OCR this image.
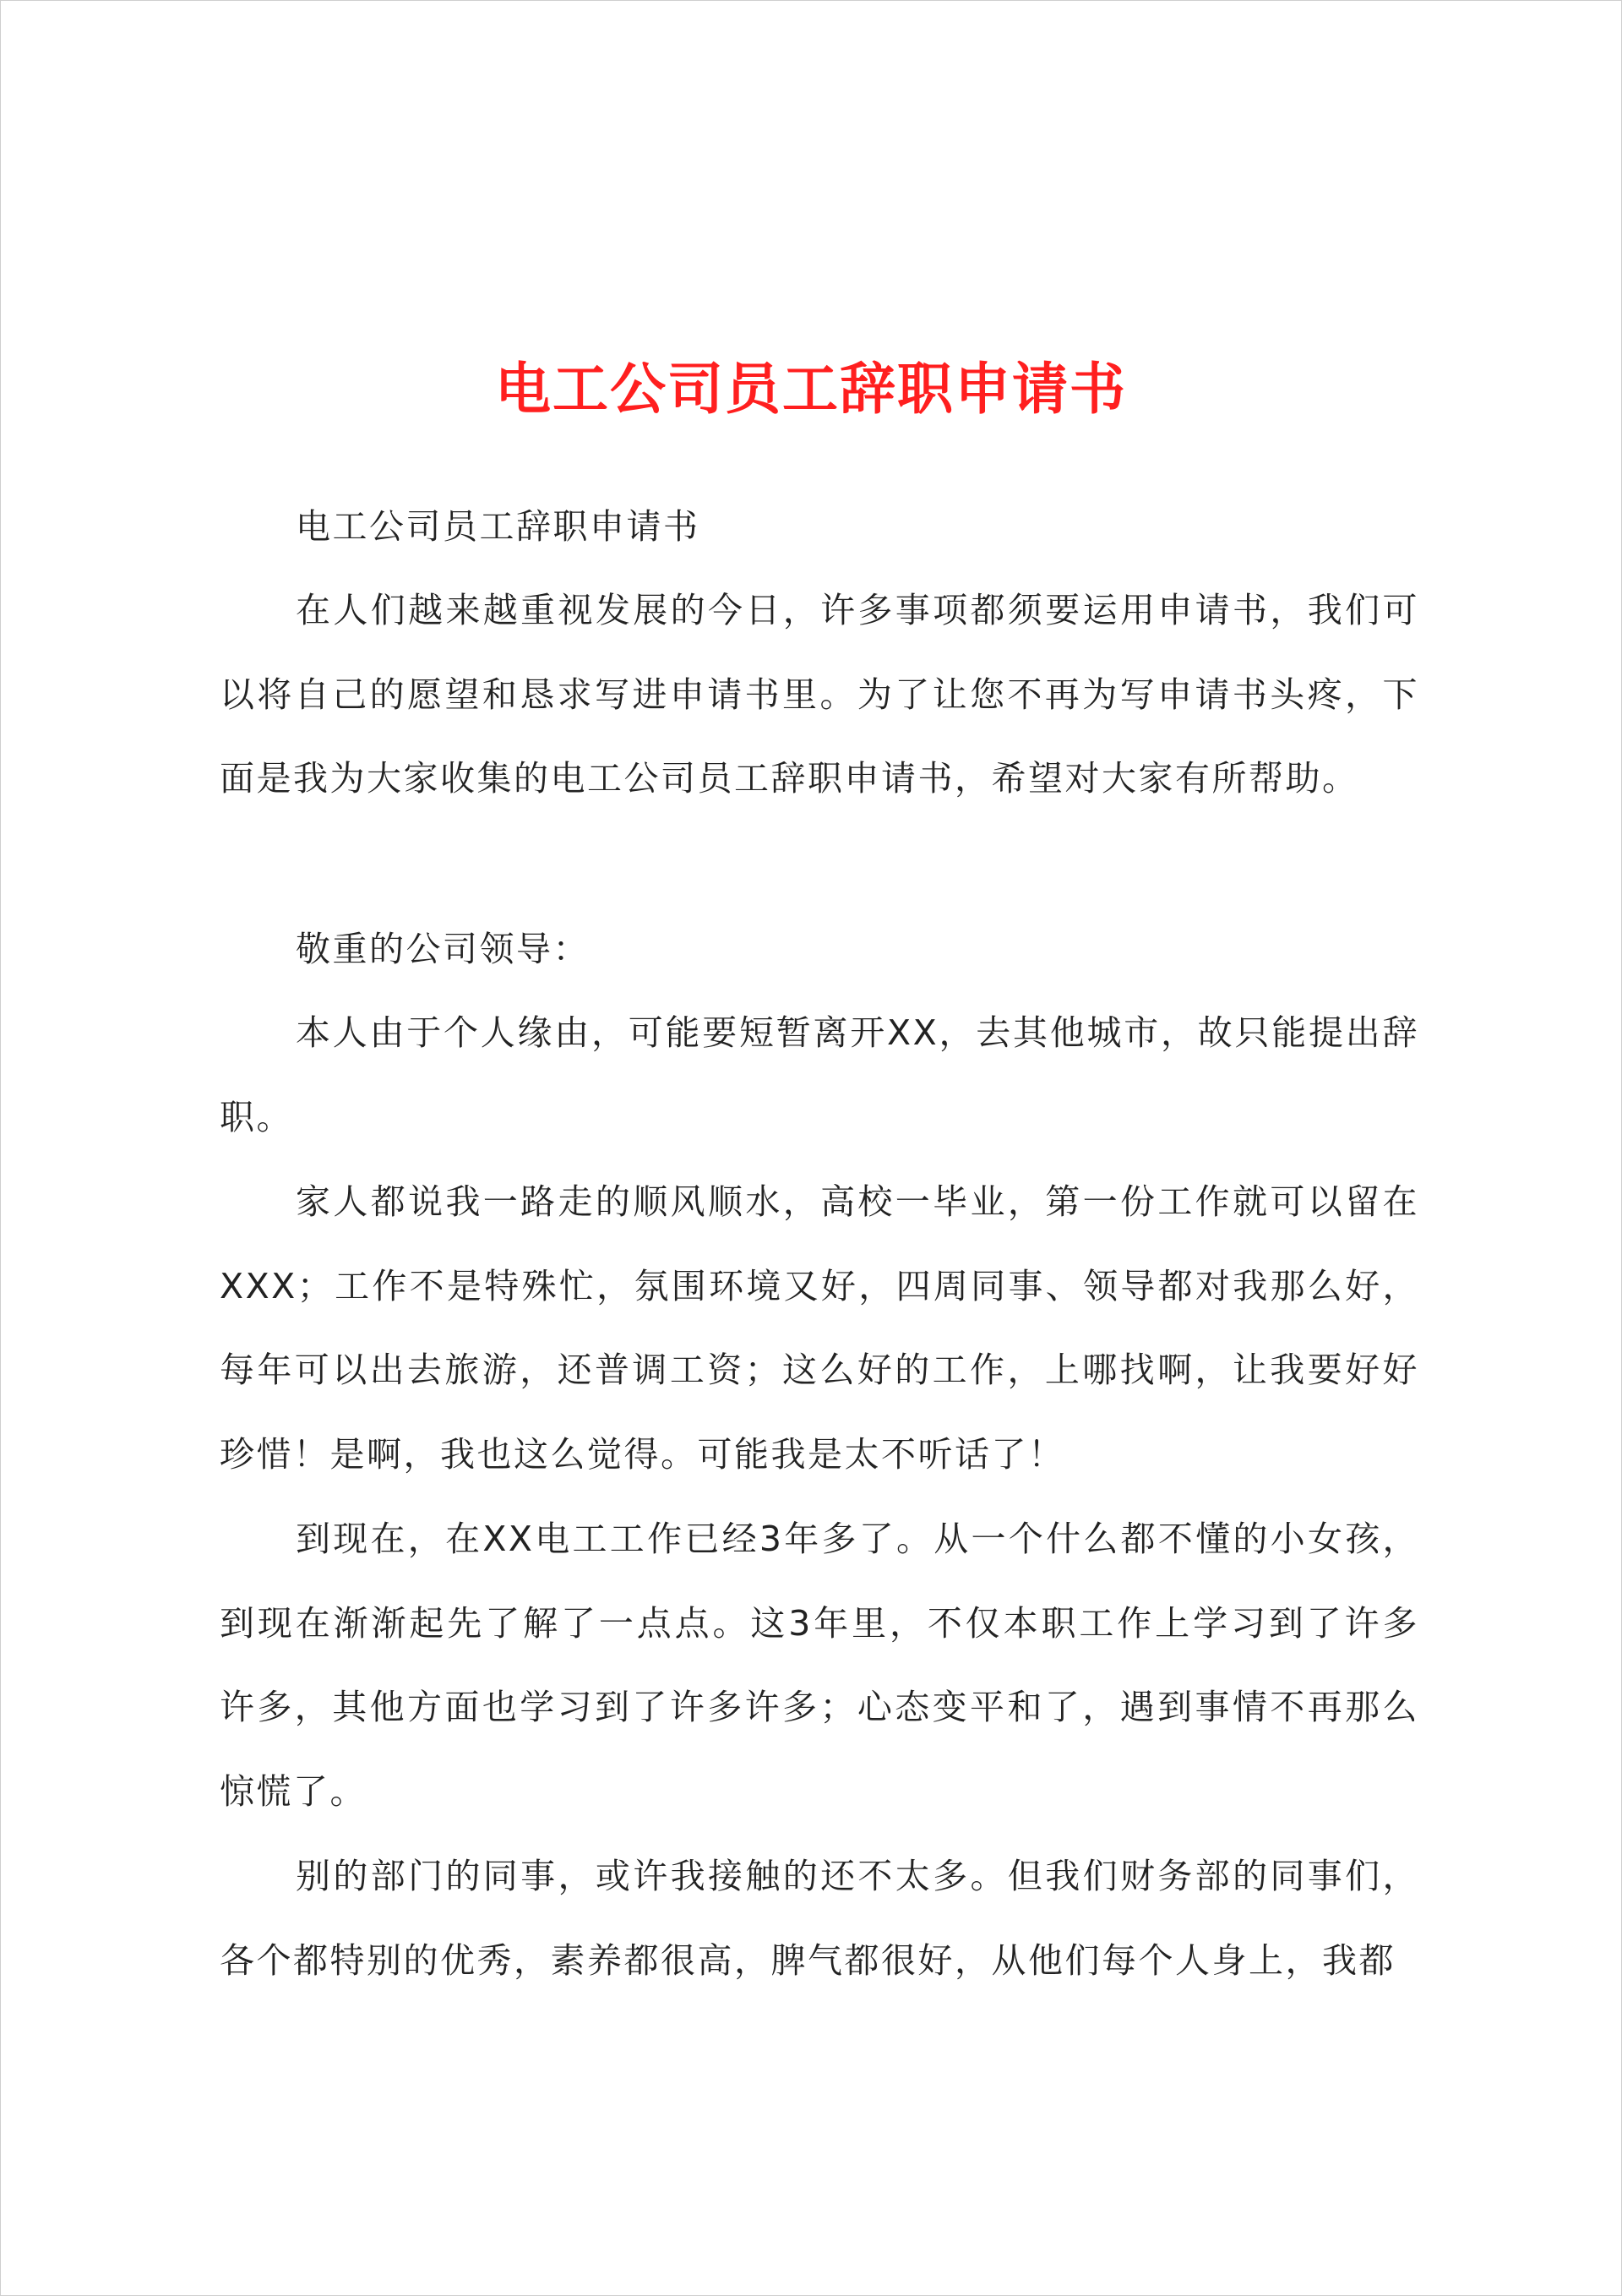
电工公司员工辞职申请书

电工公司员工辞职申请书

在人们越来越重视发展的今日，许多事项都须要运用申请书，我们可以将自己的愿望和恳求写进申请书里。为了让您不再为写申请书头疼，下面是我为大家收集的电工公司员工辞职申请书，希望对大家有所帮助。

敬重的公司领导：

本人由于个人缘由，可能要短暂离开XX，去其他城市，故只能提出辞职。

家人都说我一路走的顺风顺水，高校一毕业，第一份工作就可以留在XXX；工作不是特殊忙，氛围环境又好，四周同事、领导都对我那么好，每年可以出去旅游，还普调工资；这么好的工作，上哪找啊，让我要好好珍惜！是啊，我也这么觉得。可能我是太不听话了！

到现在，在XX电工工作已经3年多了。从一个什么都不懂的小女孩，到现在渐渐起先了解了一点点。这3年里，不仅本职工作上学习到了许多许多，其他方面也学习到了许多许多；心态变平和了，遇到事情不再那么惊慌了。

别的部门的同事，或许我接触的还不太多。但我们财务部的同事们，各个都特别的优秀，素养都很高，脾气都很好，从他们每个人身上，我都
